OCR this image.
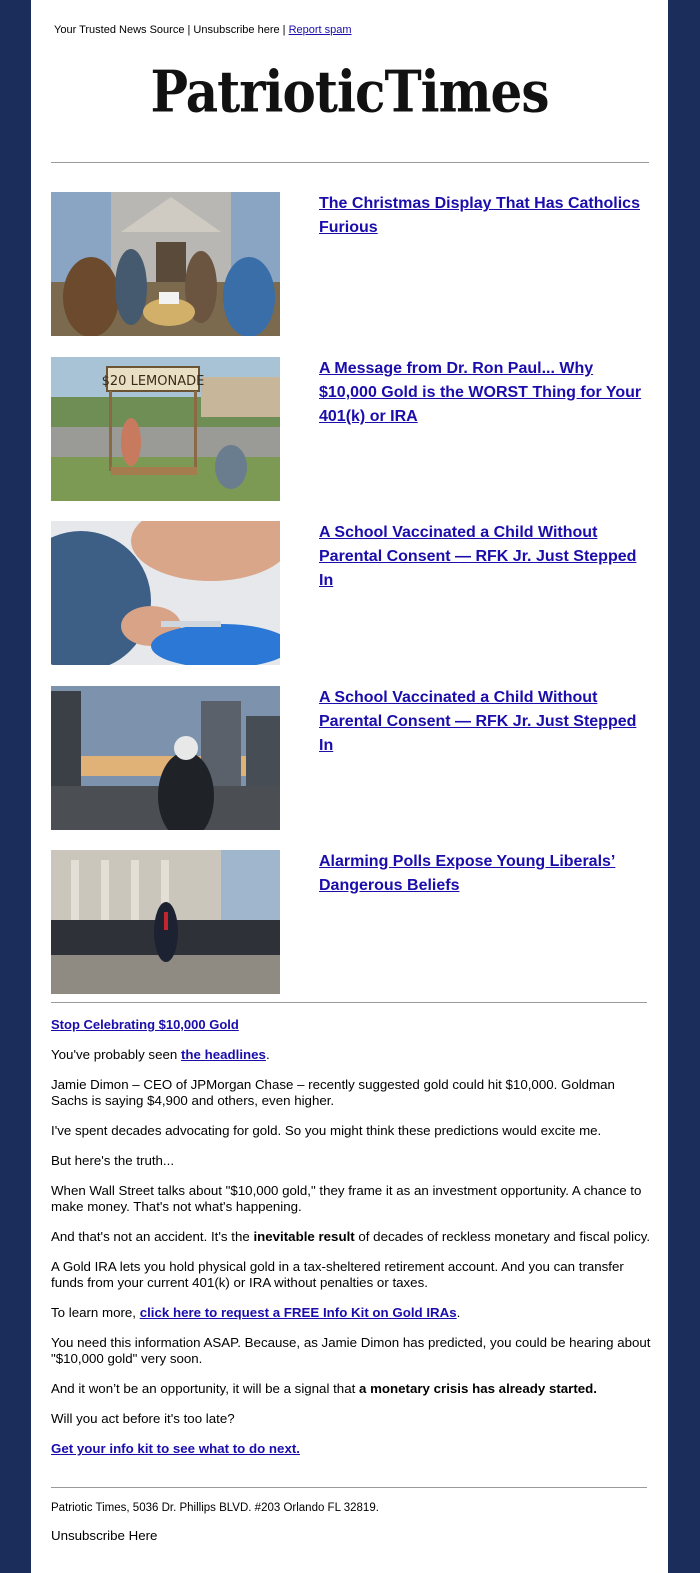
Your Trusted News Source | Unsubscribe here | Report spam
PatrioticTimes
The Christmas Display That Has Catholics Furious
$20 LEMONADE
A Message from Dr. Ron Paul... Why $10,000 Gold is the WORST Thing for Your 401(k) or IRA
A School Vaccinated a Child Without Parental Consent — RFK Jr. Just Stepped In
A School Vaccinated a Child Without Parental Consent — RFK Jr. Just Stepped In
Alarming Polls Expose Young Liberals’ Dangerous Beliefs

Stop Celebrating $10,000 Gold

You've probably seen the headlines.

Jamie Dimon – CEO of JPMorgan Chase – recently suggested gold could hit $10,000. Goldman Sachs is saying $4,900 and others, even higher.

I've spent decades advocating for gold. So you might think these predictions would excite me.

But here's the truth...

When Wall Street talks about "$10,000 gold," they frame it as an investment opportunity. A chance to make money. That's not what's happening.

And that's not an accident. It's the inevitable result of decades of reckless monetary and fiscal policy.

A Gold IRA lets you hold physical gold in a tax-sheltered retirement account. And you can transfer funds from your current 401(k) or IRA without penalties or taxes.

To learn more, click here to request a FREE Info Kit on Gold IRAs.

You need this information ASAP. Because, as Jamie Dimon has predicted, you could be hearing about "$10,000 gold" very soon.

And it won’t be an opportunity, it will be a signal that a monetary crisis has already started.

Will you act before it's too late?

Get your info kit to see what to do next.

Patriotic Times, 5036 Dr. Phillips BLVD. #203 Orlando FL 32819.
Unsubscribe Here
